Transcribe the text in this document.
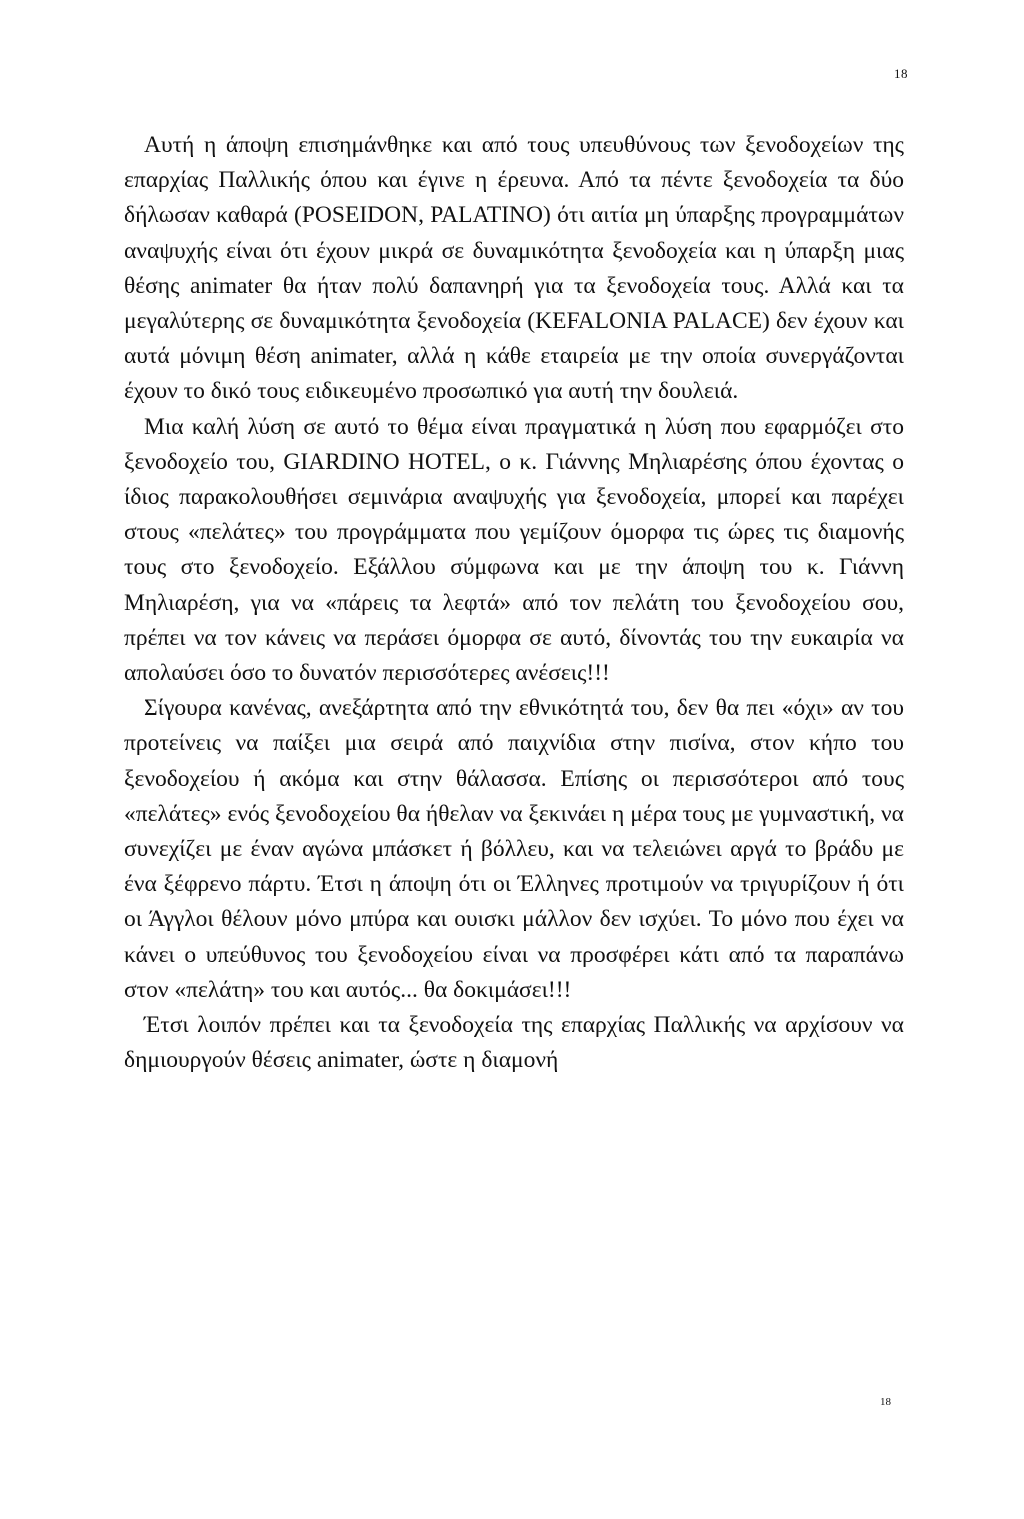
18

Αυτή η άποψη επισημάνθηκε και από τους υπευθύνους των ξενοδοχείων της επαρχίας Παλλικής όπου και έγινε η έρευνα. Από τα πέντε ξενοδοχεία τα δύο δήλωσαν καθαρά (POSEIDON, PALATINO) ότι αιτία μη ύπαρξης προγραμμάτων αναψυχής είναι ότι έχουν μικρά σε δυναμικότητα ξενοδοχεία και η ύπαρξη μιας θέσης animater θα ήταν πολύ δαπανηρή για τα ξενοδοχεία τους. Αλλά και τα μεγαλύτερης σε δυναμικότητα ξενοδοχεία (KEFALONIA PALACE) δεν έχουν και αυτά μόνιμη θέση animater, αλλά η κάθε εταιρεία με την οποία συνεργάζονται έχουν το δικό τους ειδικευμένο προσωπικό για αυτή την δουλειά.

Μια καλή λύση σε αυτό το θέμα είναι πραγματικά η λύση που εφαρμόζει στο ξενοδοχείο του, GIARDINO HOTEL, ο κ. Γιάννης Μηλιαρέσης όπου έχοντας ο ίδιος παρακολουθήσει σεμινάρια αναψυχής για ξενοδοχεία, μπορεί και παρέχει στους «πελάτες» του προγράμματα που γεμίζουν όμορφα τις ώρες τις διαμονής τους στο ξενοδοχείο. Εξάλλου σύμφωνα και με την άποψη του κ. Γιάννη Μηλιαρέση, για να «πάρεις τα λεφτά» από τον πελάτη του ξενοδοχείου σου, πρέπει να τον κάνεις να περάσει όμορφα σε αυτό, δίνοντάς του την ευκαιρία να απολαύσει όσο το δυνατόν περισσότερες ανέσεις!!!

Σίγουρα κανένας, ανεξάρτητα από την εθνικότητά του, δεν θα πει «όχι» αν του προτείνεις να παίξει μια σειρά από παιχνίδια στην πισίνα, στον κήπο του ξενοδοχείου ή ακόμα και στην θάλασσα. Επίσης οι περισσότεροι από τους «πελάτες» ενός ξενοδοχείου θα ήθελαν να ξεκινάει η μέρα τους με γυμναστική, να συνεχίζει με έναν αγώνα μπάσκετ ή βόλλευ, και να τελειώνει αργά το βράδυ με ένα ξέφρενο πάρτυ. Έτσι η άποψη ότι οι Έλληνες προτιμούν να τριγυρίζουν ή ότι οι Άγγλοι θέλουν μόνο μπύρα και ουισκι μάλλον δεν ισχύει. Το μόνο που έχει να κάνει ο υπεύθυνος του ξενοδοχείου είναι να προσφέρει κάτι από τα παραπάνω στον «πελάτη» του και αυτός... θα δοκιμάσει!!!

Έτσι λοιπόν πρέπει και τα ξενοδοχεία της επαρχίας Παλλικής να αρχίσουν να δημιουργούν θέσεις animater, ώστε η διαμονή

18
